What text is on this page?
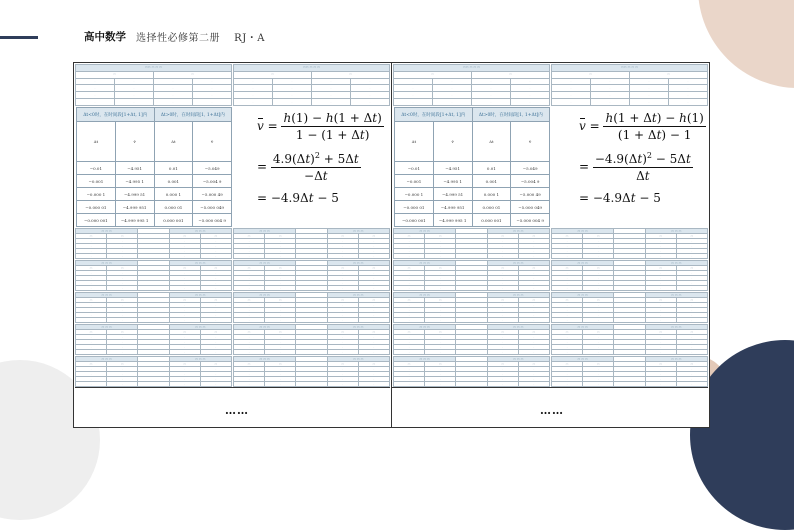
高中数学 选择性必修第二册　 RJ・A
▭▭ ▭ ▭ ▭			
▭		▭	
·	·	·	·
·	·	·	·
·	·	·	·
·	·	·	·
▭▭ ▭ ▭ ▭			
▭		▭	
·	·	·	·
·	·	·	·
·	·	·	·
·	·	·	·
▭▭ ▭ ▭ ▭			
▭		▭	
·	·	·	·
·	·	·	·
·	·	·	·
·	·	·	·
▭▭ ▭ ▭ ▭			
▭		▭	
·	·	·	·
·	·	·	·
·	·	·	·
·	·	·	·
Δt<0时，在时间段[1+Δt, 1]内		Δt>0时，在时间段[1, 1+Δt]内	
Δt	v̄	Δt	v̄
−0.01	−4.951	0.01	−5.049
−0.001	−4.995 1	0.001	−5.004 9
−0.000 1	−4.999 51	0.000 1	−5.000 49
−0.000 01	−4.999 951	0.000 01	−5.000 049
−0.000 001	−4.999 995 1	0.000 001	−5.000 004 9
$v = \frac{h(1) - h(1 + \Delta t)}{1 - (1 + \Delta t)}$
= $\frac{4.9(\Delta t)^2 + 5\Delta t}{-\Delta t}$
= −4.9Δt − 5
Δt<0时，在时间段[1+Δt, 1]内		Δt>0时，在时间段[1, 1+Δt]内	
Δt	v̄	Δt	v̄
−0.01	−4.951	0.01	−5.049
−0.001	−4.995 1	0.001	−5.004 9
−0.000 1	−4.999 51	0.000 1	−5.000 49
−0.000 01	−4.999 951	0.000 01	−5.000 049
−0.000 001	−4.999 995 1	0.000 001	−5.000 004 9
$v = \frac{h(1 + \Delta t) - h(1)}{(1 + \Delta t) - 1}$
= $\frac{-4.9(\Delta t)^2 - 5\Delta t}{\Delta t}$
= −4.9Δt − 5
▭ ▭ ▭			▭ ▭ ▭	
▭	▭		▭	▭
·	·		·	·
·	·		·	·
·	·		·	·
·	·		·	·
▭ ▭ ▭			▭ ▭ ▭	
▭	▭		▭	▭
·	·		·	·
·	·		·	·
·	·		·	·
·	·		·	·
▭ ▭ ▭			▭ ▭ ▭	
▭	▭		▭	▭
·	·		·	·
·	·		·	·
·	·		·	·
·	·		·	·
▭ ▭ ▭			▭ ▭ ▭	
▭	▭		▭	▭
·	·		·	·
·	·		·	·
·	·		·	·
·	·		·	·
▭ ▭ ▭			▭ ▭ ▭	
▭	▭		▭	▭
·	·		·	·
·	·		·	·
·	·		·	·
·	·		·	·
▭ ▭ ▭			▭ ▭ ▭	
▭	▭		▭	▭
·	·		·	·
·	·		·	·
·	·		·	·
·	·		·	·
▭ ▭ ▭			▭ ▭ ▭	
▭	▭		▭	▭
·	·		·	·
·	·		·	·
·	·		·	·
·	·		·	·
▭ ▭ ▭			▭ ▭ ▭	
▭	▭		▭	▭
·	·		·	·
·	·		·	·
·	·		·	·
·	·		·	·
▭ ▭ ▭			▭ ▭ ▭	
▭	▭		▭	▭
·	·		·	·
·	·		·	·
·	·		·	·
·	·		·	·
▭ ▭ ▭			▭ ▭ ▭	
▭	▭		▭	▭
·	·		·	·
·	·		·	·
·	·		·	·
·	·		·	·
▭ ▭ ▭			▭ ▭ ▭	
▭	▭		▭	▭
·	·		·	·
·	·		·	·
·	·		·	·
·	·		·	·
▭ ▭ ▭			▭ ▭ ▭	
▭	▭		▭	▭
·	·		·	·
·	·		·	·
·	·		·	·
·	·		·	·
▭ ▭ ▭			▭ ▭ ▭	
▭	▭		▭	▭
·	·		·	·
·	·		·	·
·	·		·	·
·	·		·	·
▭ ▭ ▭			▭ ▭ ▭	
▭	▭		▭	▭
·	·		·	·
·	·		·	·
·	·		·	·
·	·		·	·
▭ ▭ ▭			▭ ▭ ▭	
▭	▭		▭	▭
·	·		·	·
·	·		·	·
·	·		·	·
·	·		·	·
▭ ▭ ▭			▭ ▭ ▭	
▭	▭		▭	▭
·	·		·	·
·	·		·	·
·	·		·	·
·	·		·	·
▭ ▭ ▭			▭ ▭ ▭	
▭	▭		▭	▭
·	·		·	·
·	·		·	·
·	·		·	·
·	·		·	·
▭ ▭ ▭			▭ ▭ ▭	
▭	▭		▭	▭
·	·		·	·
·	·		·	·
·	·		·	·
·	·		·	·
▭ ▭ ▭			▭ ▭ ▭	
▭	▭		▭	▭
·	·		·	·
·	·		·	·
·	·		·	·
·	·		·	·
▭ ▭ ▭			▭ ▭ ▭	
▭	▭		▭	▭
·	·		·	·
·	·		·	·
·	·		·	·
·	·		·	·
……	……
